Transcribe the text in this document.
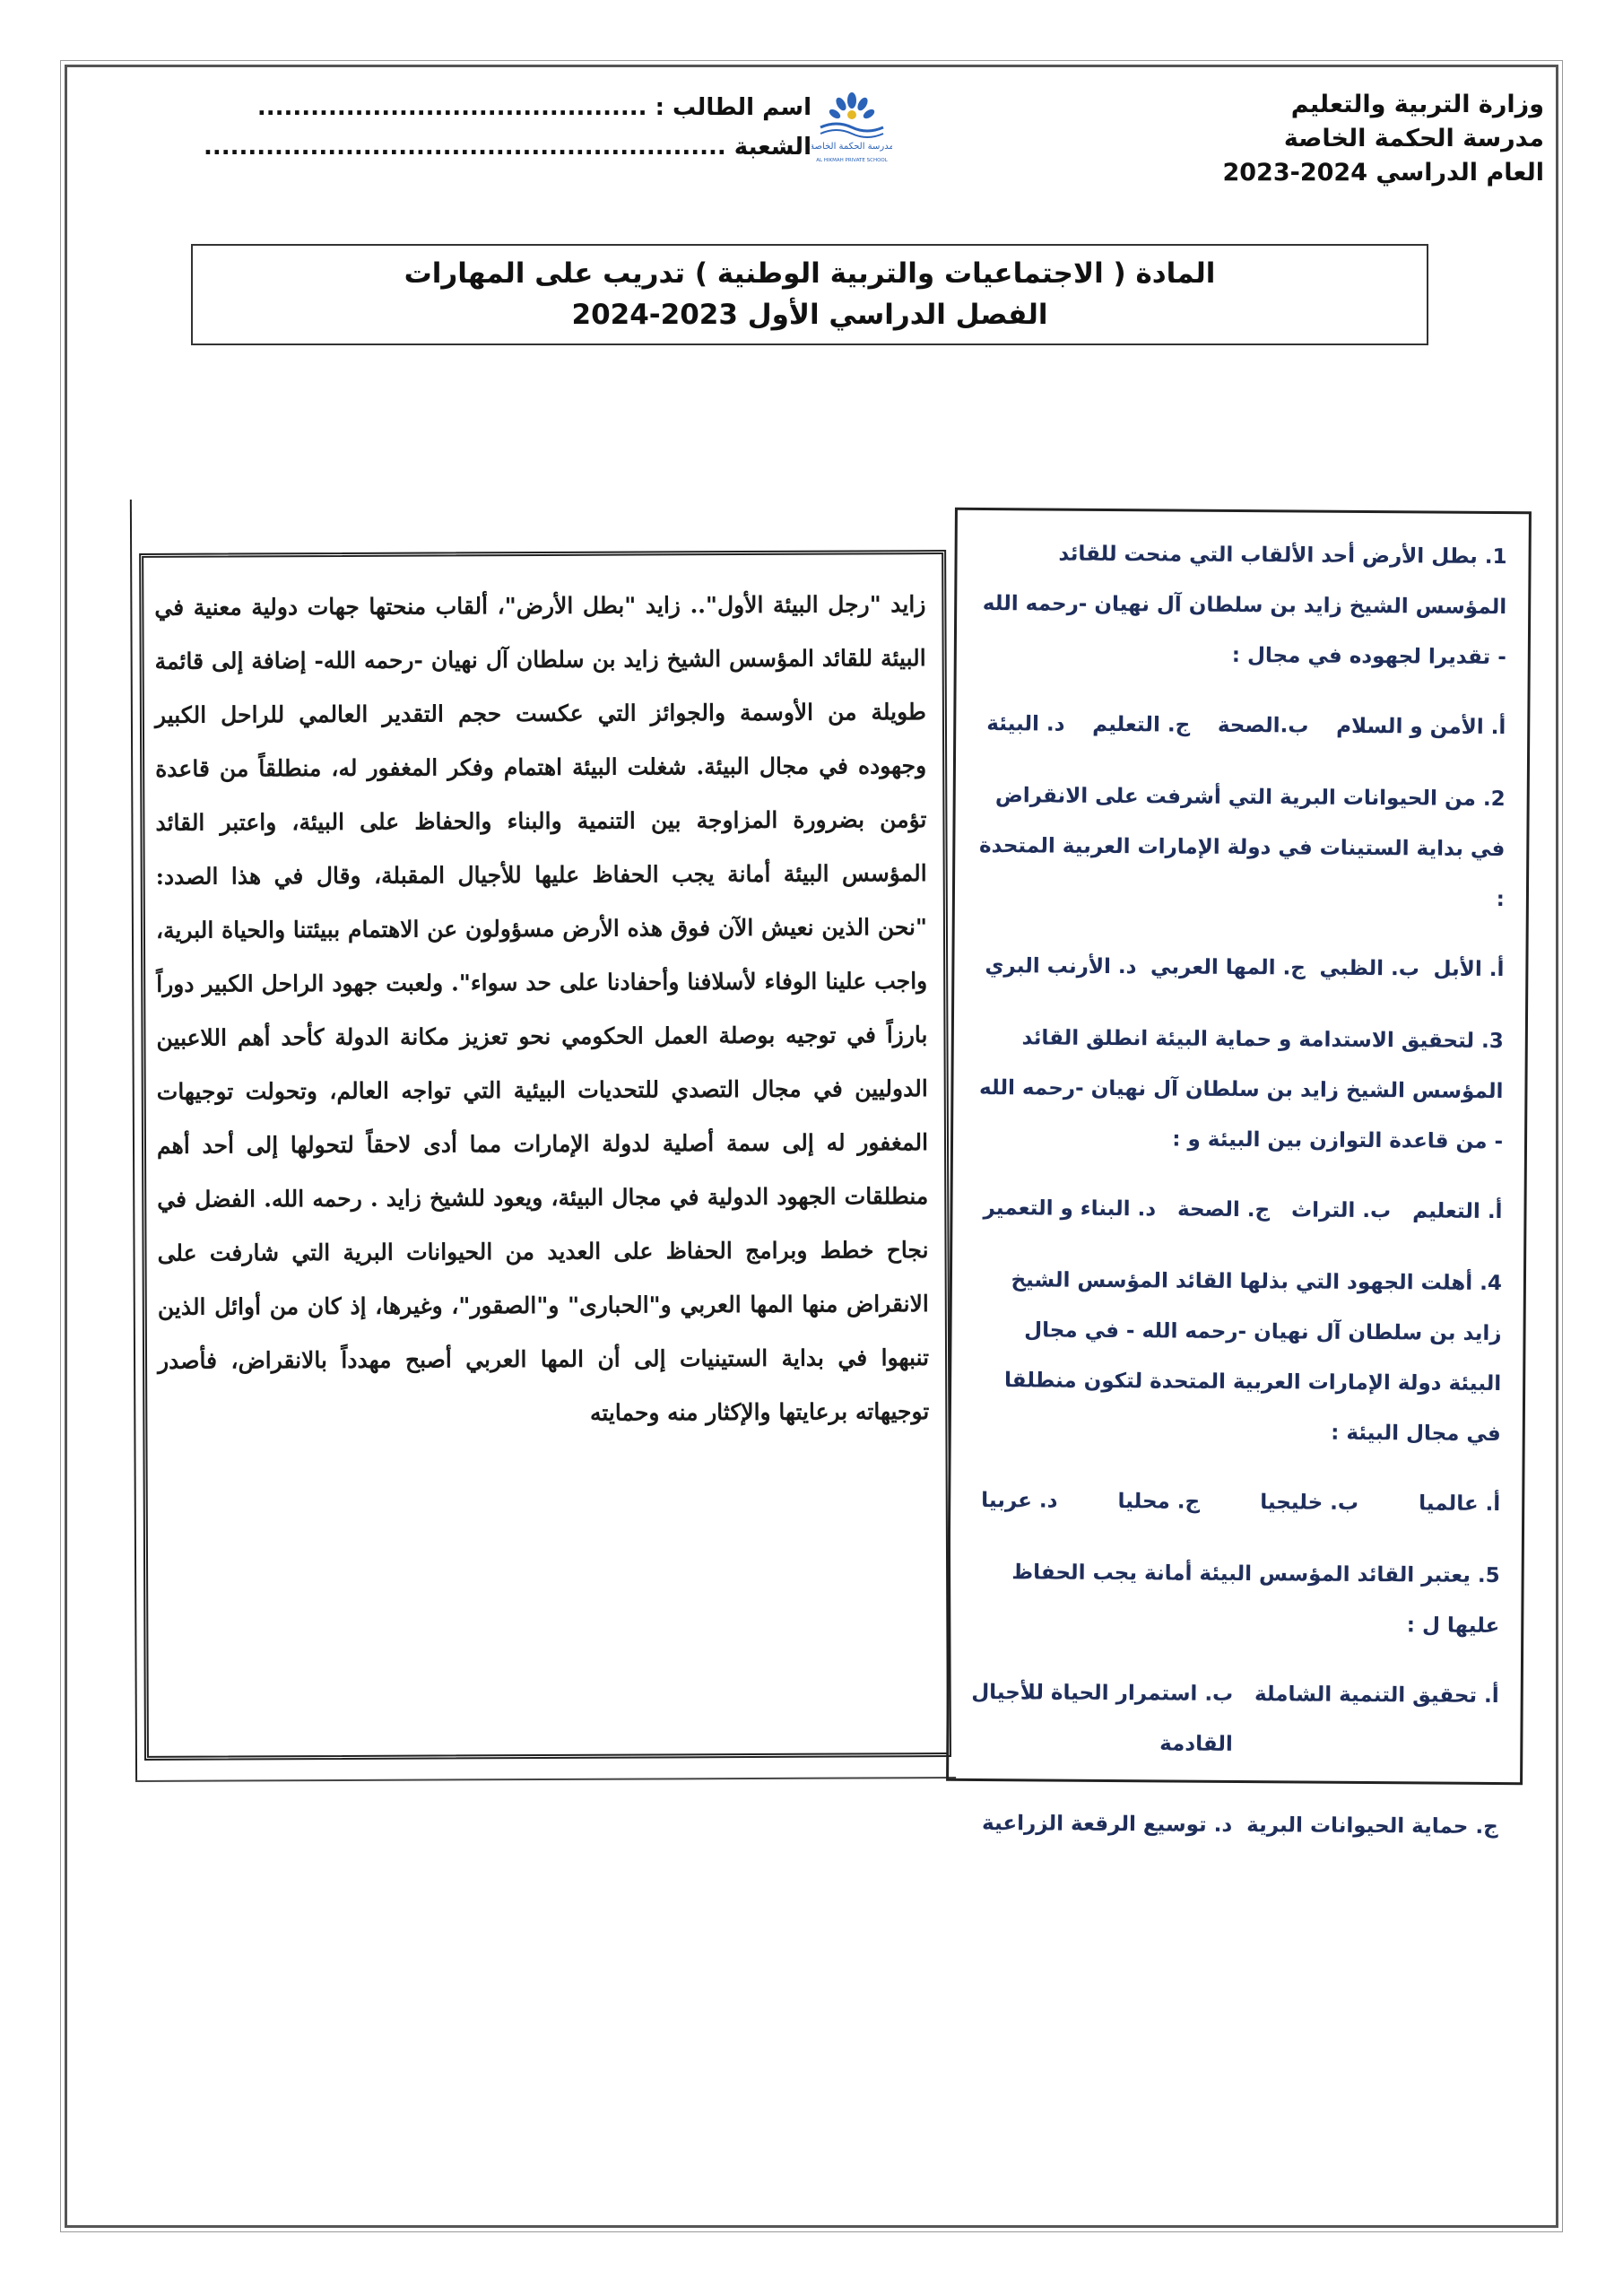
وزارة التربية والتعليم
مدرسة الحكمة الخاصة
العام الدراسي 2024-2023
مدرسة الحكمة الخاصة
AL HIKMAH PRIVATE SCHOOL
اسم الطالب : ............................................
الشعبة ...........................................................
المادة ( الاجتماعيات والتربية الوطنية ) تدريب على المهارات
الفصل الدراسي الأول 2023-2024
زايد "رجل البيئة الأول".. زايد "بطل الأرض"، ألقاب منحتها جهات دولية معنية في البيئة للقائد المؤسس الشيخ زايد بن سلطان آل نهيان -رحمه الله- إضافة إلى قائمة طويلة من الأوسمة والجوائز التي عكست حجم التقدير العالمي للراحل الكبير وجهوده في مجال البيئة. شغلت البيئة اهتمام وفكر المغفور له، منطلقاً من قاعدة تؤمن بضرورة المزاوجة بين التنمية والبناء والحفاظ على البيئة، واعتبر القائد المؤسس البيئة أمانة يجب الحفاظ عليها للأجيال المقبلة، وقال في هذا الصدد: "نحن الذين نعيش الآن فوق هذه الأرض مسؤولون عن الاهتمام ببيئتنا والحياة البرية، واجب علينا الوفاء لأسلافنا وأحفادنا على حد سواء". ولعبت جهود الراحل الكبير دوراً بارزاً في توجيه بوصلة العمل الحكومي نحو تعزيز مكانة الدولة كأحد أهم اللاعبين الدوليين في مجال التصدي للتحديات البيئية التي تواجه العالم، وتحولت توجيهات المغفور له إلى سمة أصلية لدولة الإمارات مما أدى لاحقاً لتحولها إلى أحد أهم منطلقات الجهود الدولية في مجال البيئة، ويعود للشيخ زايد . رحمه الله. الفضل في نجاح خطط وبرامج الحفاظ على العديد من الحيوانات البرية التي شارفت على الانقراض منها المها العربي و"الحبارى" و"الصقور"، وغيرها، إذ كان من أوائل الذين تنبهوا في بداية الستينيات إلى أن المها العربي أصبح مهدداً بالانقراض، فأصدر توجيهاته برعايتها والإكثار منه وحمايته

1. بطل الأرض أحد الألقاب التي منحت للقائد المؤسس الشيخ زايد بن سلطان آل نهيان -رحمه الله - تقديرا لجهوده في مجال :

أ. الأمن و السلام
ب.الصحة
ج. التعليم
د. البيئة

2. من الحيوانات البرية التي أشرفت على الانقراض في بداية الستينات في دولة الإمارات العربية المتحدة :

أ. الأبل
ب. الظبي
ج. المها العربي
د. الأرنب البري

3. لتحقيق الاستدامة و حماية البيئة انطلق القائد المؤسس الشيخ زايد بن سلطان آل نهيان -رحمه الله - من قاعدة التوازن بين البيئة و :

أ. التعليم
ب. التراث
ج. الصحة
د. البناء و التعمير

4. أهلت الجهود التي بذلها القائد المؤسس الشيخ زايد بن سلطان آل نهيان -رحمه الله - في مجال البيئة دولة الإمارات العربية المتحدة لتكون منطلقا في مجال البيئة :

أ. عالميا
ب. خليجيا
ج. محليا
د. عربيا

5. يعتبر القائد المؤسس البيئة أمانة يجب الحفاظ عليها ل :

أ. تحقيق التنمية الشاملة
ب. استمرار الحياة للأجيال القادمة
ج. حماية الحيوانات البرية
د. توسيع الرقعة الزراعية
